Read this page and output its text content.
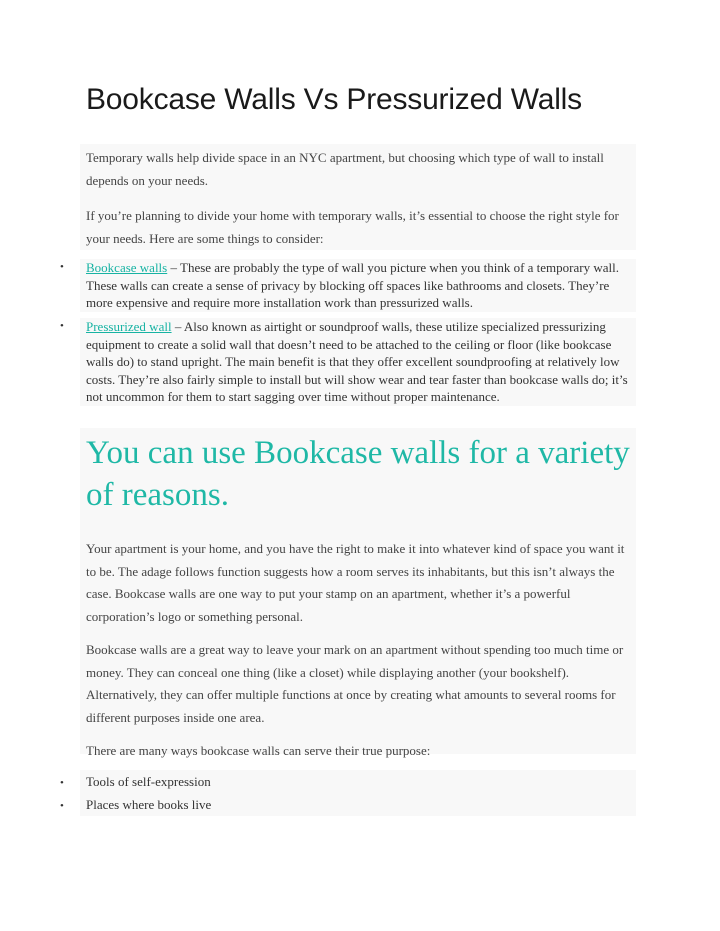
Bookcase Walls Vs Pressurized Walls

Temporary walls help divide space in an NYC apartment, but choosing which type of wall to install depends on your needs.

If you’re planning to divide your home with temporary walls, it’s essential to choose the right style for your needs. Here are some things to consider:

•	Bookcase walls – These are probably the type of wall you picture when you think of a temporary wall. These walls can create a sense of privacy by blocking off spaces like bathrooms and closets. They’re more expensive and require more installation work than pressurized walls.
•	Pressurized wall – Also known as airtight or soundproof walls, these utilize specialized pressurizing equipment to create a solid wall that doesn’t need to be attached to the ceiling or floor (like bookcase walls do) to stand upright. The main benefit is that they offer excellent soundproofing at relatively low costs. They’re also fairly simple to install but will show wear and tear faster than bookcase walls do; it’s not uncommon for them to start sagging over time without proper maintenance.
You can use Bookcase walls for a variety of reasons.

Your apartment is your home, and you have the right to make it into whatever kind of space you want it to be. The adage follows function suggests how a room serves its inhabitants, but this isn’t always the case. Bookcase walls are one way to put your stamp on an apartment, whether it’s a powerful corporation’s logo or something personal.

Bookcase walls are a great way to leave your mark on an apartment without spending too much time or money. They can conceal one thing (like a closet) while displaying another (your bookshelf). Alternatively, they can offer multiple functions at once by creating what amounts to several rooms for different purposes inside one area.

There are many ways bookcase walls can serve their true purpose:

•	Tools of self-expression
•	Places where books live
